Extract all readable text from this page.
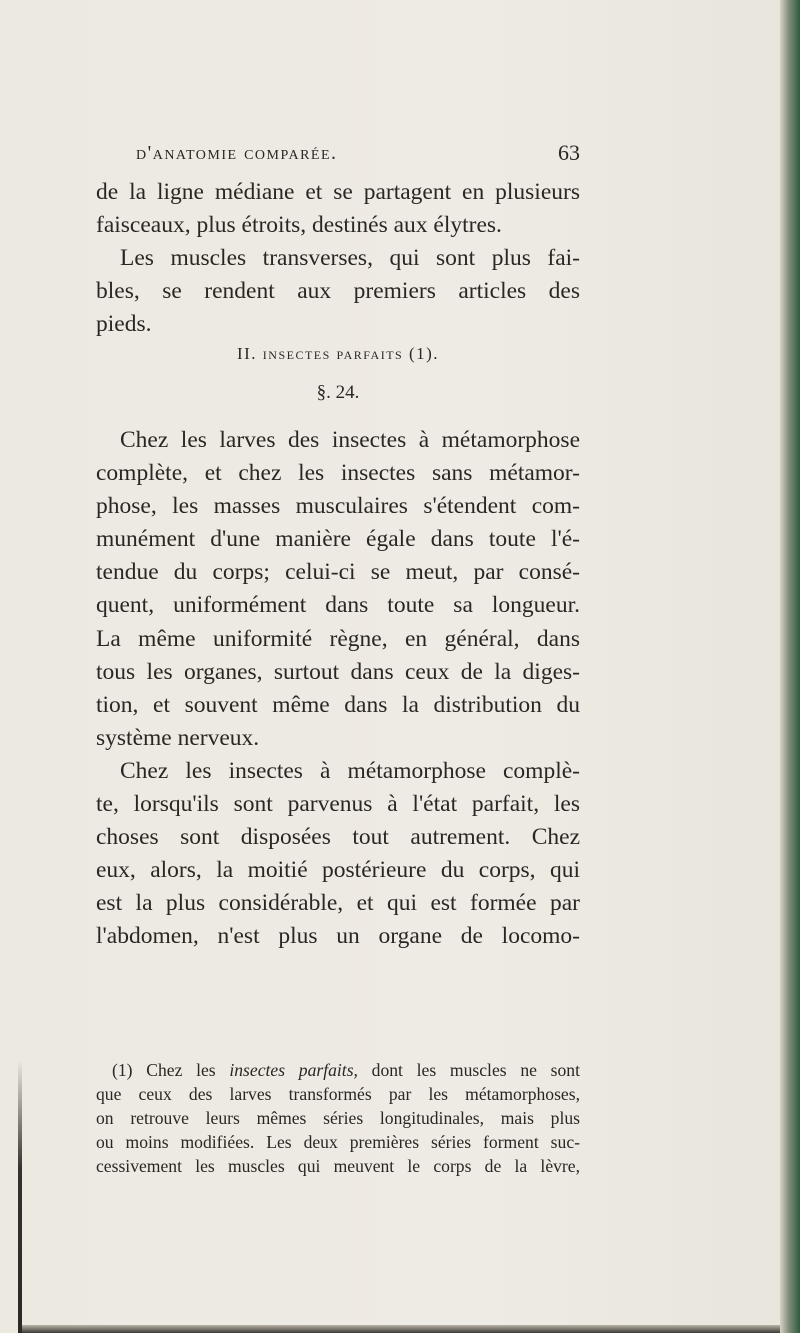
d'anatomie comparée.	63
de la ligne médiane et se partagent en plusieurs
faisceaux, plus étroits, destinés aux élytres.
Les muscles transverses, qui sont plus fai-
bles, se rendent aux premiers articles des
pieds.
II. insectes parfaits (1).
§. 24.
Chez les larves des insectes à métamorphose
complète, et chez les insectes sans métamor-
phose, les masses musculaires s'étendent com-
munément d'une manière égale dans toute l'é-
tendue du corps; celui-ci se meut, par consé-
quent, uniformément dans toute sa longueur.
La même uniformité règne, en général, dans
tous les organes, surtout dans ceux de la diges-
tion, et souvent même dans la distribution du
système nerveux.
Chez les insectes à métamorphose complè-
te, lorsqu'ils sont parvenus à l'état parfait, les
choses sont disposées tout autrement. Chez
eux, alors, la moitié postérieure du corps, qui
est la plus considérable, et qui est formée par
l'abdomen, n'est plus un organe de locomo-
(1) Chez les insectes parfaits, dont les muscles ne sont
que ceux des larves transformés par les métamorphoses,
on retrouve leurs mêmes séries longitudinales, mais plus
ou moins modifiées. Les deux premières séries forment suc-
cessivement les muscles qui meuvent le corps de la lèvre,
